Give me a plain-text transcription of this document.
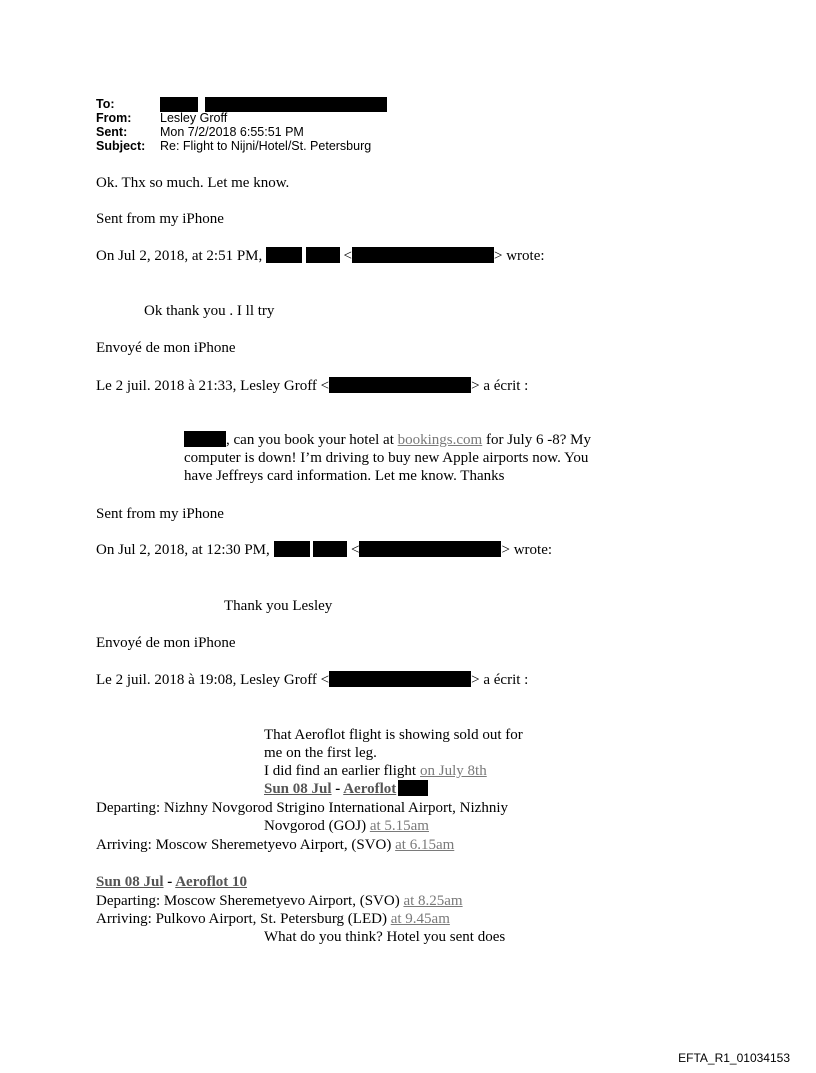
To:

From: Lesley Groff
Sent:	Mon 7/2/2018 6:55:51 PM
Subject: Re: Flight to Nijni/Hotel/St. Petersburg
Ok. Thx so much. Let me know.
Sent from my iPhone
On Jul 2, 2018, at 2:51 PM,	<	> wrote:
Ok thank you . I ll try
Envoyé de mon iPhone
Le 2 juil. 2018 à 21:33, Lesley Groff <	> a écrit :
, can you book your hotel at bookings.com for July 6 -8? My
computer is down! I’m driving to buy new Apple airports now. You
have Jeffreys card information. Let me know. Thanks
Sent from my iPhone
On Jul 2, 2018, at 12:30 PM,	<	> wrote:
Thank you Lesley
Envoyé de mon iPhone
Le 2 juil. 2018 à 19:08, Lesley Groff <	> a écrit :
That Aeroflot flight is showing sold out for
me on the first leg.
I did find an earlier flight on July 8th
Sun 08 Jul - Aeroflot
Departing: Nizhny Novgorod Strigino International Airport, Nizhniy
Novgorod (GOJ) at 5.15am
Arriving: Moscow Sheremetyevo Airport, (SVO) at 6.15am
Sun 08 Jul - Aeroflot 10
Departing: Moscow Sheremetyevo Airport, (SVO) at 8.25am
Arriving: Pulkovo Airport, St. Petersburg (LED) at 9.45am
What do you think? Hotel you sent does
EFTA_R1_01034153
